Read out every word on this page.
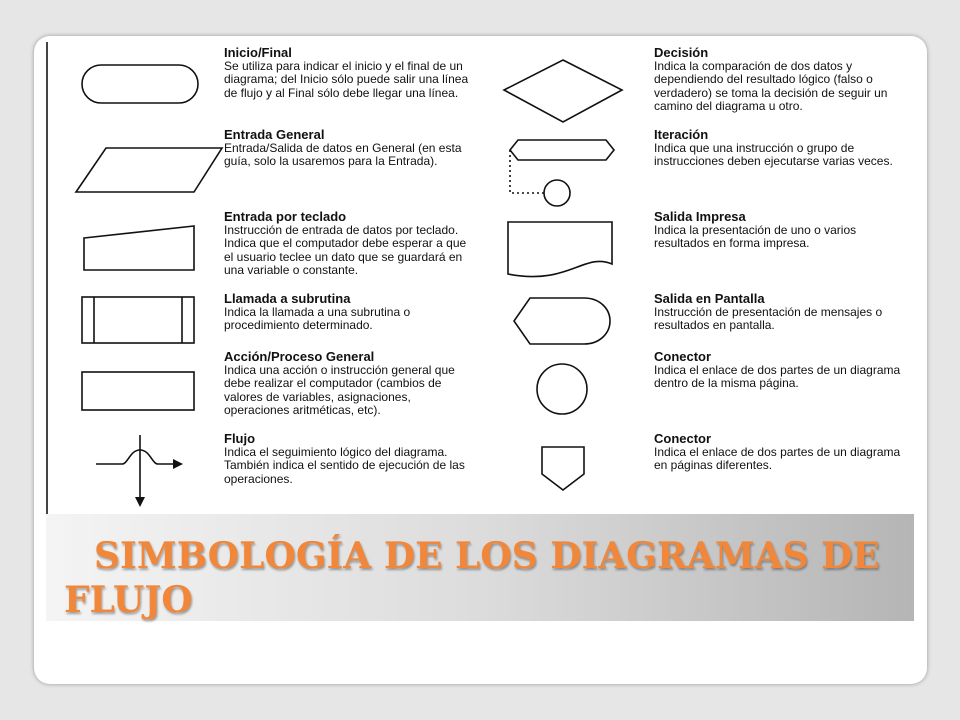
Inicio/Final
Se utiliza para indicar el inicio y el final de un diagrama; del Inicio sólo puede salir una línea de flujo y al Final sólo debe llegar una línea.
Entrada General
Entrada/Salida de datos en General (en esta guía, solo la usaremos para la Entrada).
Entrada por teclado
Instrucción de entrada de datos por teclado. Indica que el computador debe esperar a que el usuario teclee un dato que se guardará en una variable o constante.
Llamada a subrutina
Indica la llamada a una subrutina o procedimiento determinado.
Acción/Proceso General
Indica una acción o instrucción general que debe realizar el computador (cambios de valores de variables, asignaciones, operaciones aritméticas, etc).
Flujo
Indica el seguimiento lógico del diagrama. También indica el sentido de ejecución de las operaciones.
Decisión
Indica la comparación de dos datos y dependiendo del resultado lógico (falso o verdadero) se toma la decisión de seguir un camino del diagrama u otro.
Iteración
Indica que una instrucción o grupo de instrucciones deben ejecutarse varias veces.
Salida Impresa
Indica la presentación de uno o varios resultados en forma impresa.
Salida en Pantalla
Instrucción de presentación de mensajes o resultados en pantalla.
Conector
Indica el enlace de dos partes de un diagrama dentro de la misma página.
Conector
Indica el enlace de dos partes de un diagrama en páginas diferentes.
SIMBOLOGÍA DE LOS DIAGRAMAS DE FLUJO
